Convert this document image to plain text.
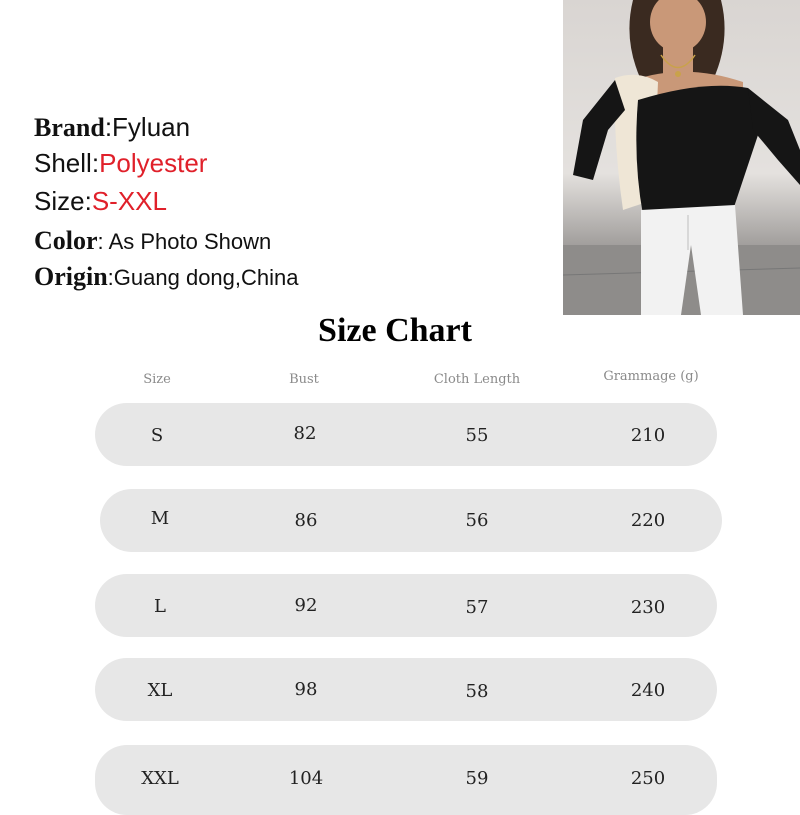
Brand:Fyluan
Shell:Polyester
Size:S-XXL
Color: As Photo Shown
Origin:Guang dong,China
Size Chart
Size	Bust	Cloth Length	Grammage (g)
S	82	55	210
M	86	56	220
L	92	57	230
XL	98	58	240
XXL	104	59	250
